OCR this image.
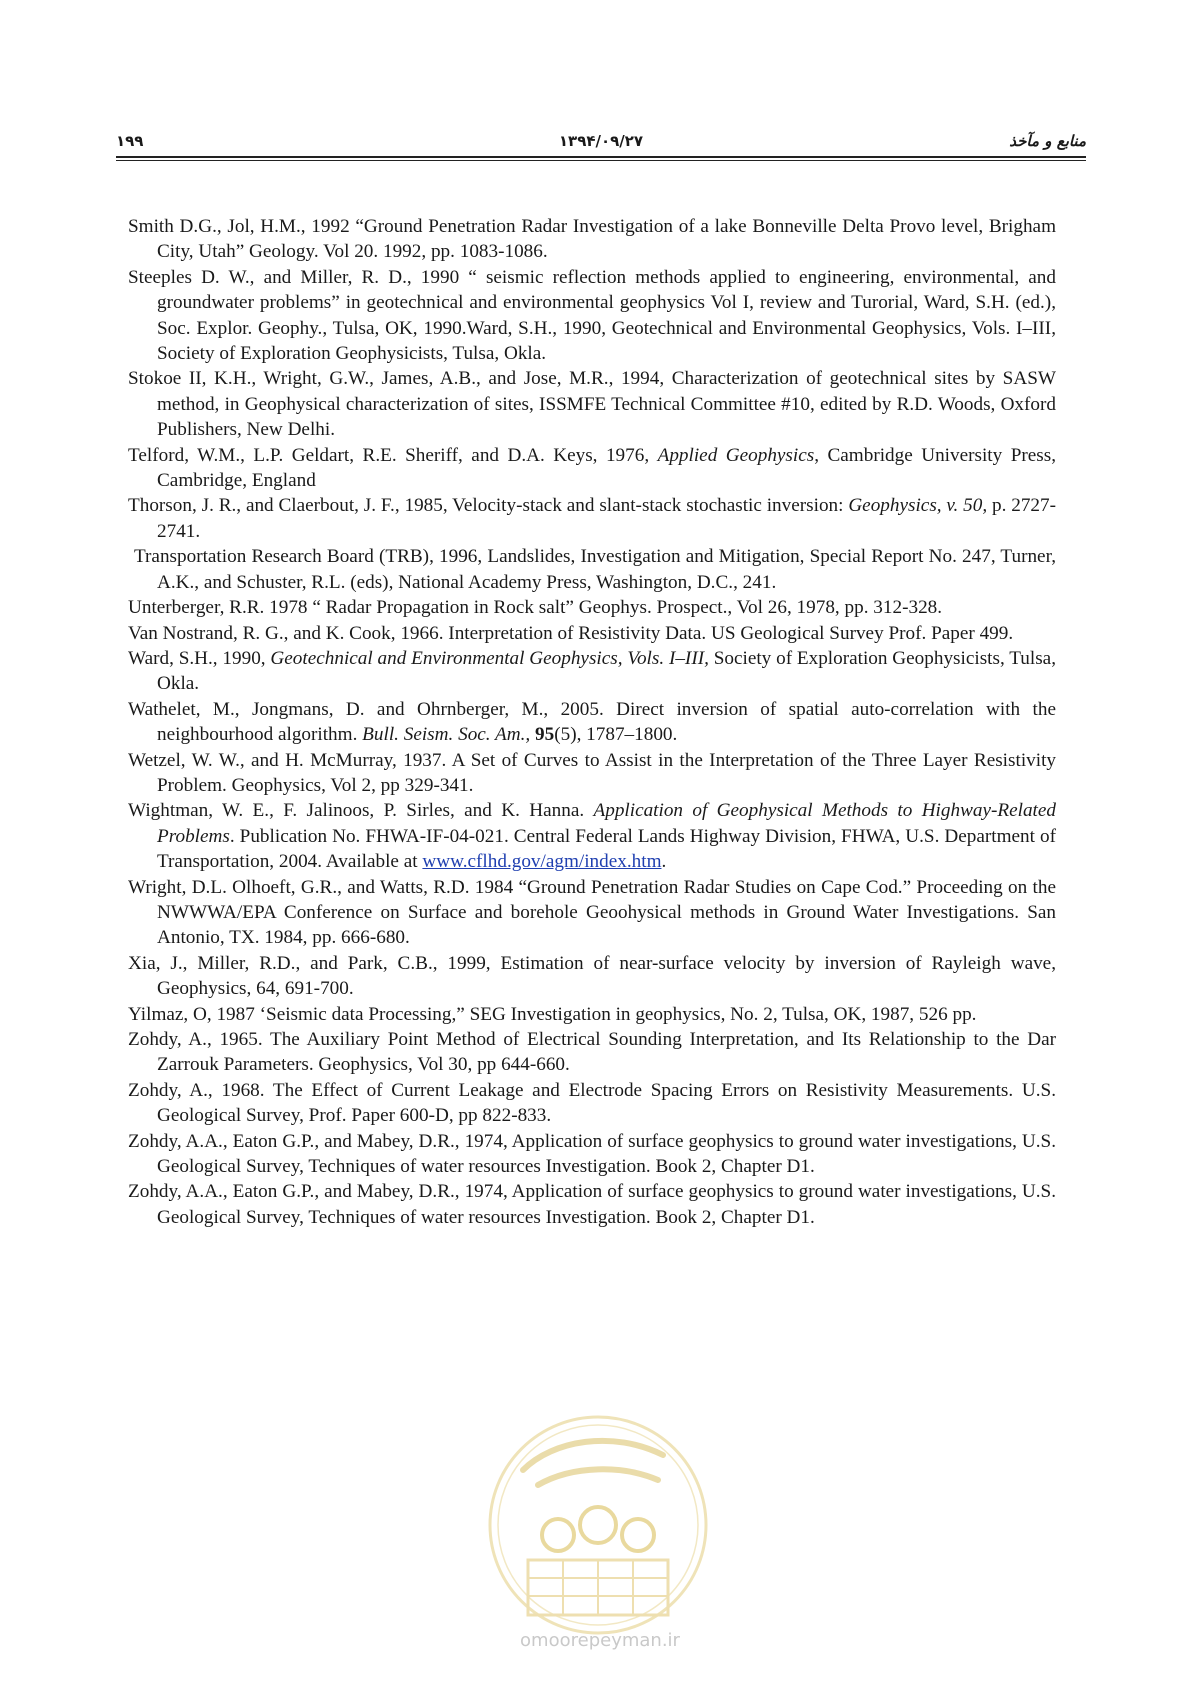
۱۹۹	۱۳۹۴/۰۹/۲۷	منابع و مآخذ

Smith D.G., Jol, H.M., 1992 “Ground Penetration Radar Investigation of a lake Bonneville Delta Provo level, Brigham City, Utah” Geology. Vol 20. 1992, pp. 1083-1086.

Steeples D. W., and Miller, R. D., 1990 “ seismic reflection methods applied to engineering, environmental, and groundwater problems” in geotechnical and environmental geophysics Vol I, review and Turorial, Ward, S.H. (ed.), Soc. Explor. Geophy., Tulsa, OK, 1990.Ward, S.H., 1990, Geotechnical and Environmental Geophysics, Vols. I–III, Society of Exploration Geophysicists, Tulsa, Okla.

Stokoe II, K.H., Wright, G.W., James, A.B., and Jose, M.R., 1994, Characterization of geotechnical sites by SASW method, in Geophysical characterization of sites, ISSMFE Technical Committee #10, edited by R.D. Woods, Oxford Publishers, New Delhi.

Telford, W.M., L.P. Geldart, R.E. Sheriff, and D.A. Keys, 1976, Applied Geophysics, Cambridge University Press, Cambridge, England

Thorson, J. R., and Claerbout, J. F., 1985, Velocity-stack and slant-stack stochastic inversion: Geophysics, v. 50, p. 2727-2741.

Transportation Research Board (TRB), 1996, Landslides, Investigation and Mitigation, Special Report No. 247, Turner, A.K., and Schuster, R.L. (eds), National Academy Press, Washington, D.C., 241.

Unterberger, R.R. 1978 “ Radar Propagation in Rock salt” Geophys. Prospect., Vol 26, 1978, pp. 312-328.

Van Nostrand, R. G., and K. Cook, 1966. Interpretation of Resistivity Data. US Geological Survey Prof. Paper 499.

Ward, S.H., 1990, Geotechnical and Environmental Geophysics, Vols. I–III, Society of Exploration Geophysicists, Tulsa, Okla.

Wathelet, M., Jongmans, D. and Ohrnberger, M., 2005. Direct inversion of spatial auto-correlation with the neighbourhood algorithm. Bull. Seism. Soc. Am., 95(5), 1787–1800.

Wetzel, W. W., and H. McMurray, 1937. A Set of Curves to Assist in the Interpretation of the Three Layer Resistivity Problem. Geophysics, Vol 2, pp 329-341.

Wightman, W. E., F. Jalinoos, P. Sirles, and K. Hanna. Application of Geophysical Methods to Highway-Related Problems. Publication No. FHWA-IF-04-021. Central Federal Lands Highway Division, FHWA, U.S. Department of Transportation, 2004. Available at www.cflhd.gov/agm/index.htm.

Wright, D.L. Olhoeft, G.R., and Watts, R.D. 1984 “Ground Penetration Radar Studies on Cape Cod.” Proceeding on the NWWWA/EPA Conference on Surface and borehole Geoohysical methods in Ground Water Investigations. San Antonio, TX. 1984, pp. 666-680.

Xia, J., Miller, R.D., and Park, C.B., 1999, Estimation of near-surface velocity by inversion of Rayleigh wave, Geophysics, 64, 691-700.

Yilmaz, O, 1987 ‘Seismic data Processing,” SEG Investigation in geophysics, No. 2, Tulsa, OK, 1987, 526 pp.

Zohdy, A., 1965. The Auxiliary Point Method of Electrical Sounding Interpretation, and Its Relationship to the Dar Zarrouk Parameters. Geophysics, Vol 30, pp 644-660.

Zohdy, A., 1968. The Effect of Current Leakage and Electrode Spacing Errors on Resistivity Measurements. U.S. Geological Survey, Prof. Paper 600-D, pp 822-833.

Zohdy, A.A., Eaton G.P., and Mabey, D.R., 1974, Application of surface geophysics to ground water investigations, U.S. Geological Survey, Techniques of water resources Investigation. Book 2, Chapter D1.

Zohdy, A.A., Eaton G.P., and Mabey, D.R., 1974, Application of surface geophysics to ground water investigations, U.S. Geological Survey, Techniques of water resources Investigation. Book 2, Chapter D1.

omoorepeyman.ir
